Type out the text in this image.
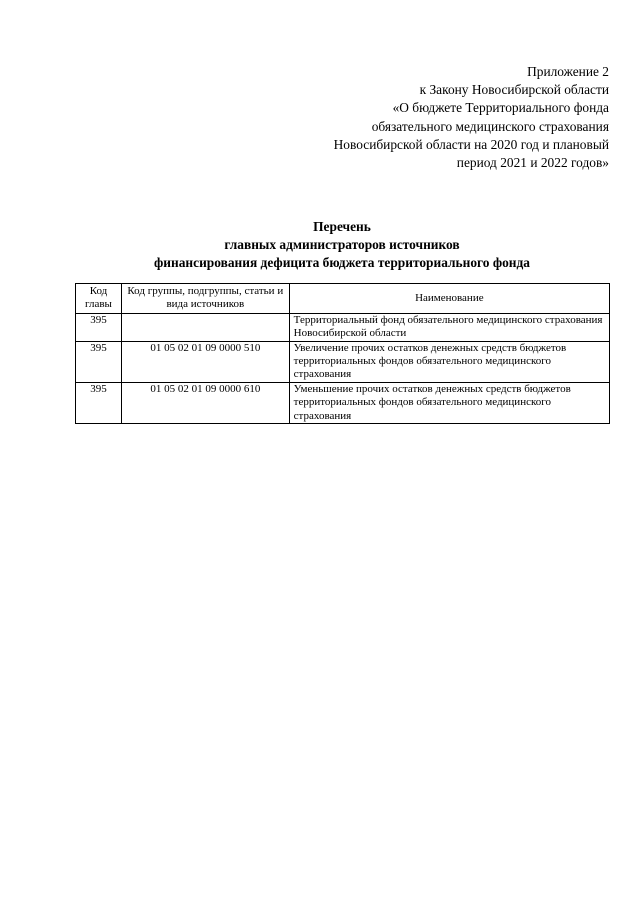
Приложение 2
к Закону Новосибирской области
«О бюджете Территориального фонда
обязательного медицинского страхования
Новосибирской области на 2020 год и плановый
период 2021 и 2022 годов»
Перечень
главных администраторов источников
финансирования дефицита бюджета территориального фонда
Код главы	Код группы, подгруппы, статьи и вида источников	Наименование
395		Территориальный фонд обязательного медицинского страхования Новосибирской области
395	01 05 02 01 09 0000 510	Увеличение прочих остатков денежных средств бюджетов территориальных фондов обязательного медицинского страхования
395	01 05 02 01 09 0000 610	Уменьшение прочих остатков денежных средств бюджетов территориальных фондов обязательного медицинского страхования
